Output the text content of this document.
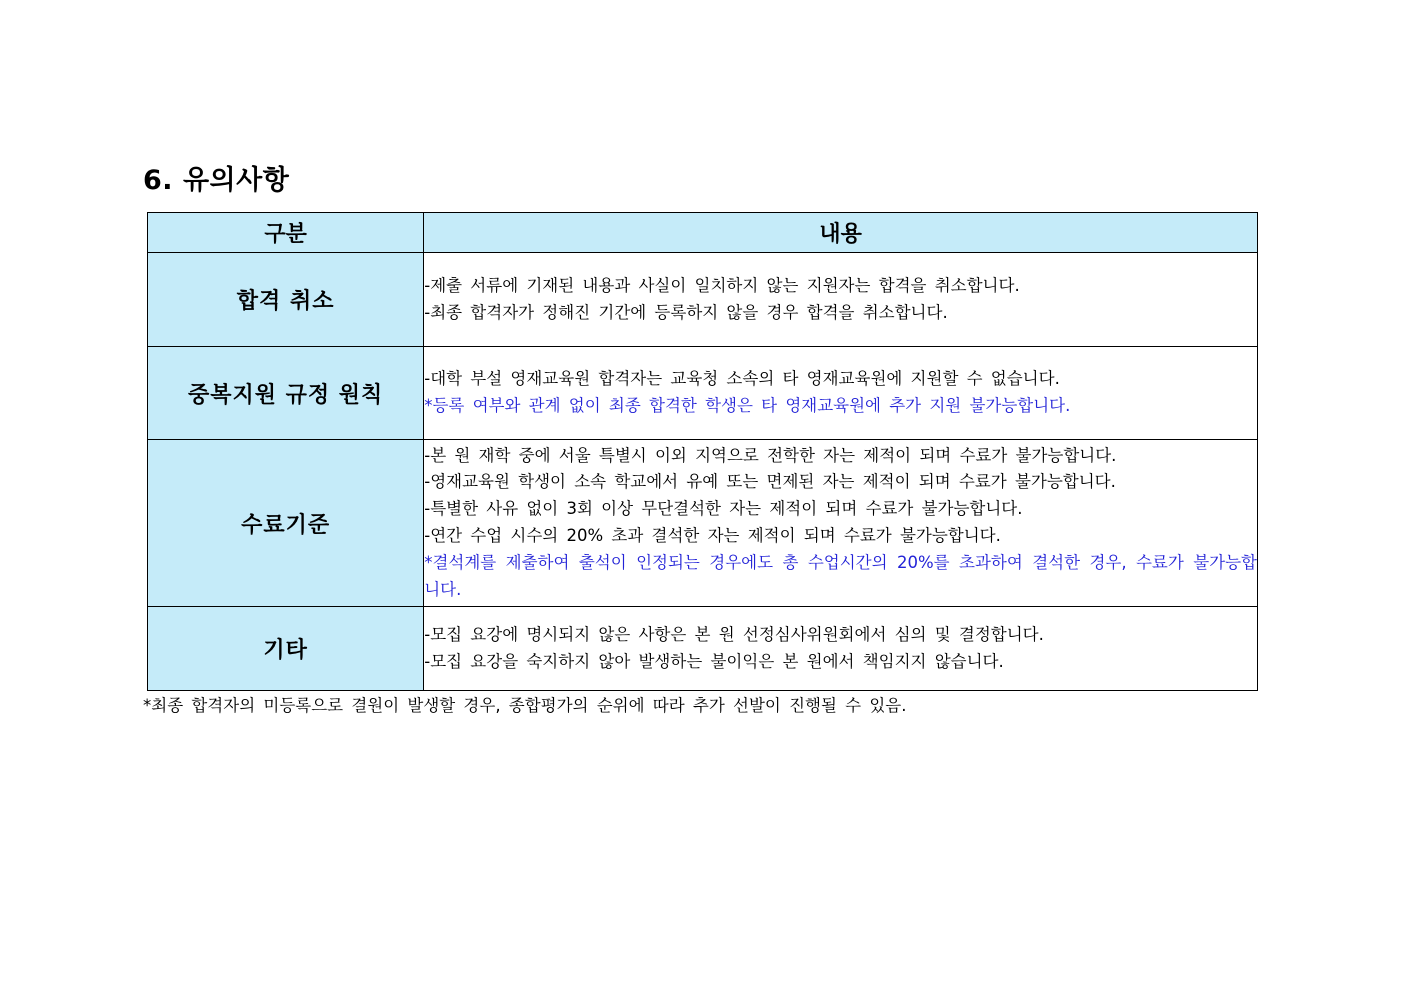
6. 유의사항
구분	내용
합격 취소	-제출 서류에 기재된 내용과 사실이 일치하지 않는 지원자는 합격을 취소합니다.

-최종 합격자가 정해진 기간에 등록하지 않을 경우 합격을 취소합니다.

중복지원 규정 원칙	-대학 부설 영재교육원 합격자는 교육청 소속의 타 영재교육원에 지원할 수 없습니다.

*등록 여부와 관계 없이 최종 합격한 학생은 타 영재교육원에 추가 지원 불가능합니다.

수료기준	-본 원 재학 중에 서울 특별시 이외 지역으로 전학한 자는 제적이 되며 수료가 불가능합니다.

-영재교육원 학생이 소속 학교에서 유예 또는 면제된 자는 제적이 되며 수료가 불가능합니다.

-특별한 사유 없이 3회 이상 무단결석한 자는 제적이 되며 수료가 불가능합니다.

-연간 수업 시수의 20% 초과 결석한 자는 제적이 되며 수료가 불가능합니다.

*결석계를 제출하여 출석이 인정되는 경우에도 총 수업시간의 20%를 초과하여 결석한 경우, 수료가 불가능합니다.

기타	-모집 요강에 명시되지 않은 사항은 본 원 선정심사위원회에서 심의 및 결정합니다.

-모집 요강을 숙지하지 않아 발생하는 불이익은 본 원에서 책임지지 않습니다.

*최종 합격자의 미등록으로 결원이 발생할 경우, 종합평가의 순위에 따라 추가 선발이 진행될 수 있음.
